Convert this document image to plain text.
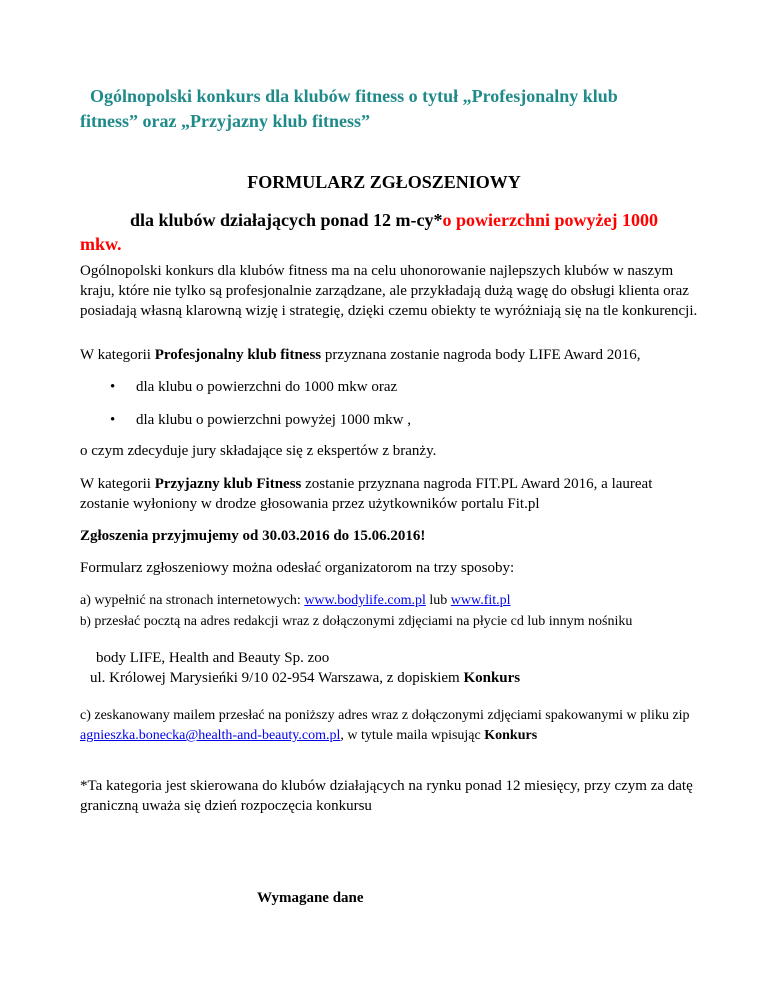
Ogólnopolski konkurs dla klubów fitness o tytuł „Profesjonalny klub fitness” oraz „Przyjazny klub fitness”
FORMULARZ ZGŁOSZENIOWY
dla klubów działających ponad 12 m-cy*o powierzchni powyżej 1000 mkw.
Ogólnopolski konkurs dla klubów fitness ma na celu uhonorowanie najlepszych klubów w naszym kraju, które nie tylko są profesjonalnie zarządzane, ale przykładają dużą wagę do obsługi klienta oraz posiadają własną klarowną wizję i strategię, dzięki czemu obiekty te wyróżniają się na tle konkurencji.
W kategorii Profesjonalny klub fitness przyznana zostanie nagroda body LIFE Award 2016,
• dla klubu o powierzchni do 1000 mkw oraz
• dla klubu o powierzchni powyżej 1000 mkw ,
o czym zdecyduje jury składające się z ekspertów z branży.
W kategorii Przyjazny klub Fitness zostanie przyznana nagroda FIT.PL Award 2016, a laureat zostanie wyłoniony w drodze głosowania przez użytkowników portalu Fit.pl
Zgłoszenia przyjmujemy od 30.03.2016 do 15.06.2016!
Formularz zgłoszeniowy można odesłać organizatorom na trzy sposoby:
a) wypełnić na stronach internetowych: www.bodylife.com.pl lub www.fit.pl
b) przesłać pocztą na adres redakcji wraz z dołączonymi zdjęciami na płycie cd lub innym nośniku
body LIFE, Health and Beauty Sp. zoo
ul. Królowej Marysieńki 9/10 02-954 Warszawa, z dopiskiem Konkurs
c) zeskanowany mailem przesłać na poniższy adres wraz z dołączonymi zdjęciami spakowanymi w pliku zip agnieszka.bonecka@health-and-beauty.com.pl, w tytule maila wpisując Konkurs
*Ta kategoria jest skierowana do klubów działających na rynku ponad 12 miesięcy, przy czym za datę graniczną uważa się dzień rozpoczęcia konkursu
Wymagane dane
